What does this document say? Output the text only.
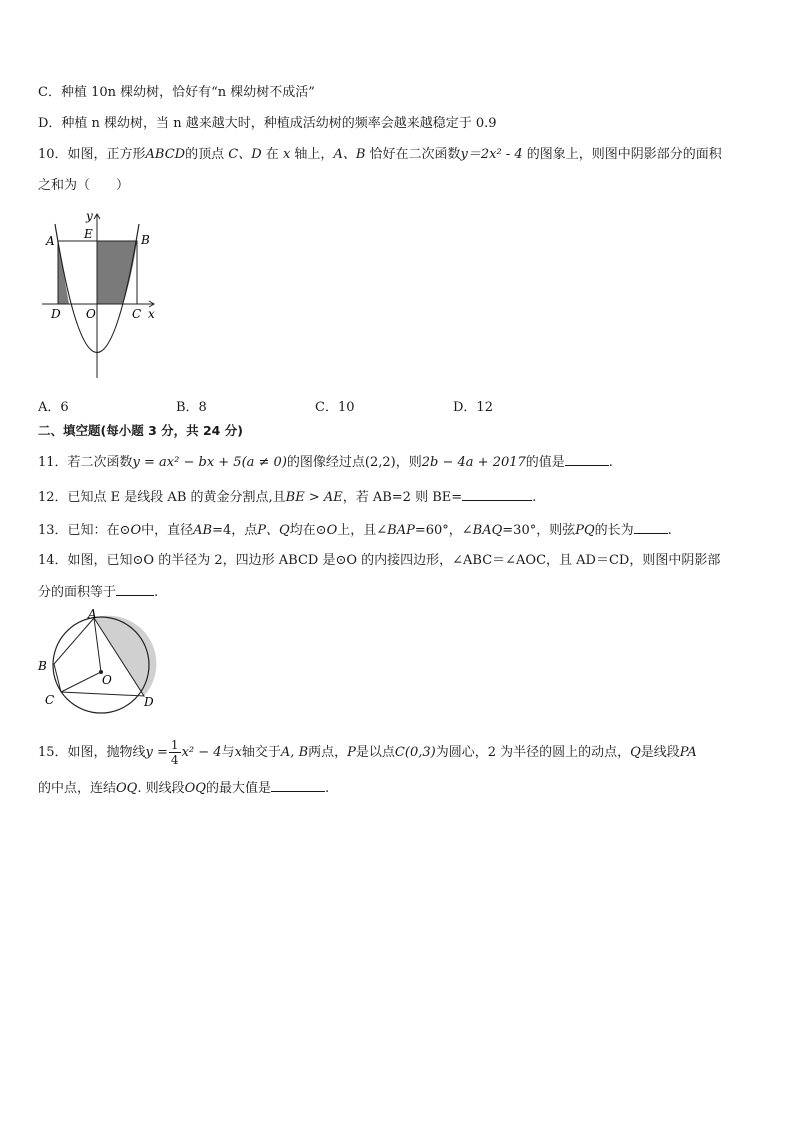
C．种植 10n 棵幼树，恰好有“n 棵幼树不成活”
D．种植 n 棵幼树，当 n 越来越大时，种植成活幼树的频率会越来越稳定于 0.9
10．如图，正方形ABCD的顶点 C、D 在 x 轴上，A、B 恰好在二次函数y＝2x² - 4 的图象上，则图中阴影部分的面积
之和为（　　）
y
E
A	B
D O	C x
A．6	B．8	C．10	D．12
二、填空题(每小题 3 分，共 24 分)
11．若二次函数y = ax² − bx + 5(a ≠ 0)的图像经过点(2,2)，则2b − 4a + 2017的值是	.
12．已知点 E 是线段 AB 的黄金分割点,且BE > AE，若 AB=2 则 BE=	.
13．已知：在⊙O中，直径AB=4，点P、Q均在⊙O上，且∠BAP=60°，∠BAQ=30°，则弦PQ的长为	.
14．如图，已知⊙O 的半径为 2，四边形 ABCD 是⊙O 的内接四边形，∠ABC＝∠AOC，且 AD＝CD，则图中阴影部
分的面积等于	.
A
B
C	D
O
15．如图，抛物线$y = \frac{1}{4} x^2 - 4$与x轴交于A, B两点，P是以点C(0,3)为圆心，2 为半径的圆上的动点，Q是线段PA
的中点，连结OQ. 则线段OQ的最大值是	.
